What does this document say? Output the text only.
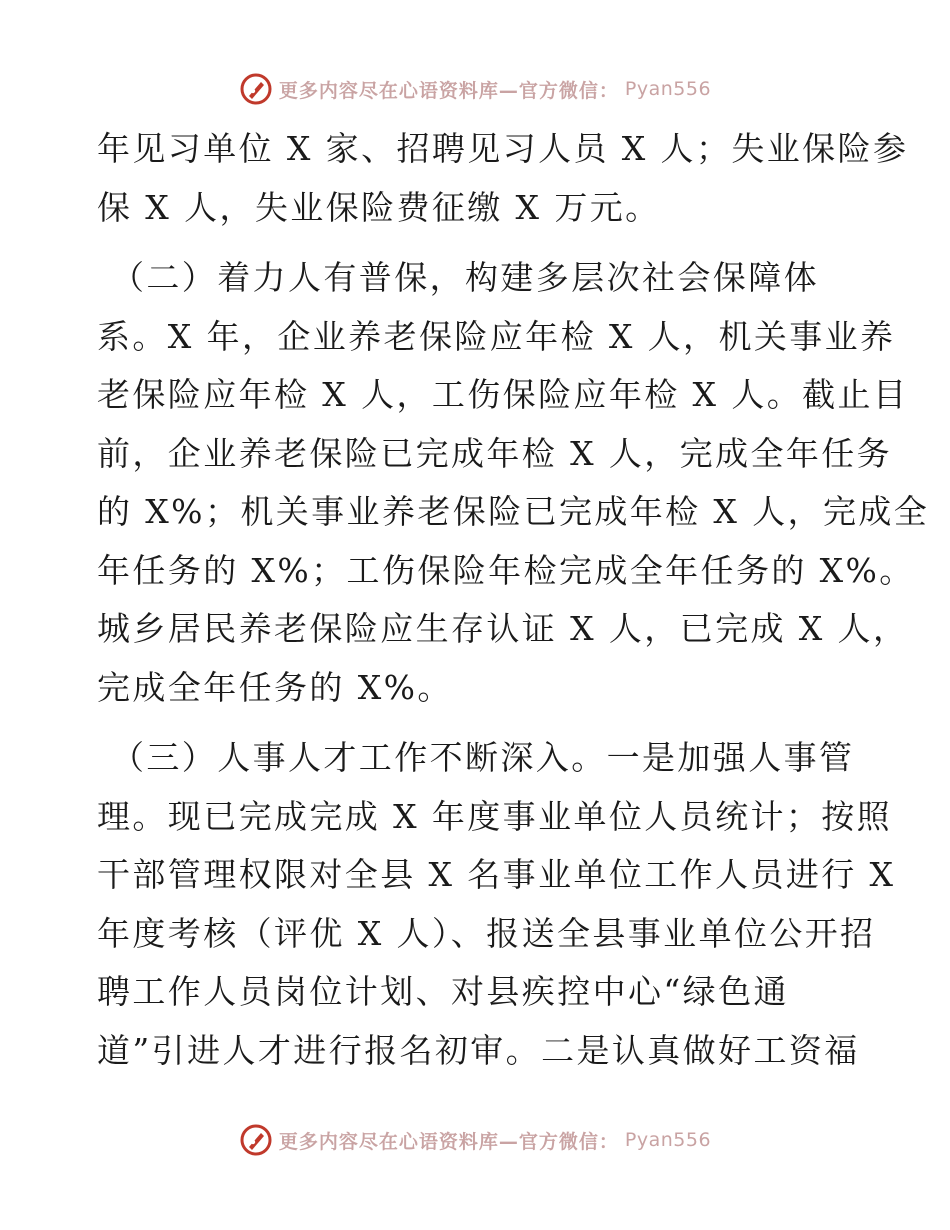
更多内容尽在心语资料库—官方微信： Pyan556
年见习单位 X 家、招聘见习人员 X 人；失业保险参
保 X 人，失业保险费征缴 X 万元。
（二）着力人有普保，构建多层次社会保障体
系。X 年，企业养老保险应年检 X 人，机关事业养
老保险应年检 X 人，工伤保险应年检 X 人。截止目
前，企业养老保险已完成年检 X 人，完成全年任务
的 X%；机关事业养老保险已完成年检 X 人，完成全
年任务的 X%；工伤保险年检完成全年任务的 X%。
城乡居民养老保险应生存认证 X 人，已完成 X 人，
完成全年任务的 X%。
（三）人事人才工作不断深入。一是加强人事管
理。现已完成完成 X 年度事业单位人员统计；按照
干部管理权限对全县 X 名事业单位工作人员进行 X
年度考核（评优 X 人）、报送全县事业单位公开招
聘工作人员岗位计划、对县疾控中心“绿色通
道”引进人才进行报名初审。二是认真做好工资福
更多内容尽在心语资料库—官方微信： Pyan556
